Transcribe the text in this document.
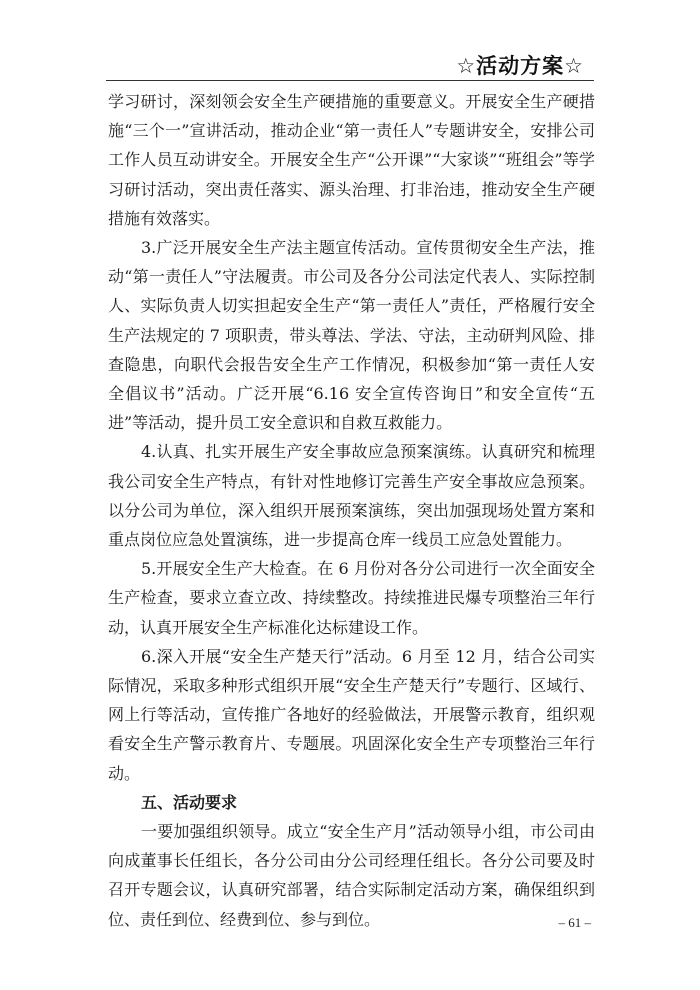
☆活动方案☆

学习研讨，深刻领会安全生产硬措施的重要意义。开展安全生产硬措施“三个一”宣讲活动，推动企业“第一责任人”专题讲安全，安排公司工作人员互动讲安全。开展安全生产“公开课”“大家谈”“班组会”等学习研讨活动，突出责任落实、源头治理、打非治违，推动安全生产硬措施有效落实。

3.广泛开展安全生产法主题宣传活动。宣传贯彻安全生产法，推动“第一责任人”守法履责。市公司及各分公司法定代表人、实际控制人、实际负责人切实担起安全生产“第一责任人”责任，严格履行安全生产法规定的 7 项职责，带头尊法、学法、守法，主动研判风险、排查隐患，向职代会报告安全生产工作情况，积极参加“第一责任人安全倡议书”活动。广泛开展“6.16 安全宣传咨询日”和安全宣传“五进”等活动，提升员工安全意识和自救互救能力。

4.认真、扎实开展生产安全事故应急预案演练。认真研究和梳理我公司安全生产特点，有针对性地修订完善生产安全事故应急预案。以分公司为单位，深入组织开展预案演练，突出加强现场处置方案和重点岗位应急处置演练，进一步提高仓库一线员工应急处置能力。

5.开展安全生产大检查。在 6 月份对各分公司进行一次全面安全生产检查，要求立查立改、持续整改。持续推进民爆专项整治三年行动，认真开展安全生产标准化达标建设工作。

6.深入开展“安全生产楚天行”活动。6 月至 12 月，结合公司实际情况，采取多种形式组织开展“安全生产楚天行”专题行、区域行、网上行等活动，宣传推广各地好的经验做法，开展警示教育，组织观看安全生产警示教育片、专题展。巩固深化安全生产专项整治三年行动。

五、活动要求

一要加强组织领导。成立“安全生产月”活动领导小组，市公司由向成董事长任组长，各分公司由分公司经理任组长。各分公司要及时召开专题会议，认真研究部署，结合实际制定活动方案，确保组织到位、责任到位、经费到位、参与到位。	– 61 –
